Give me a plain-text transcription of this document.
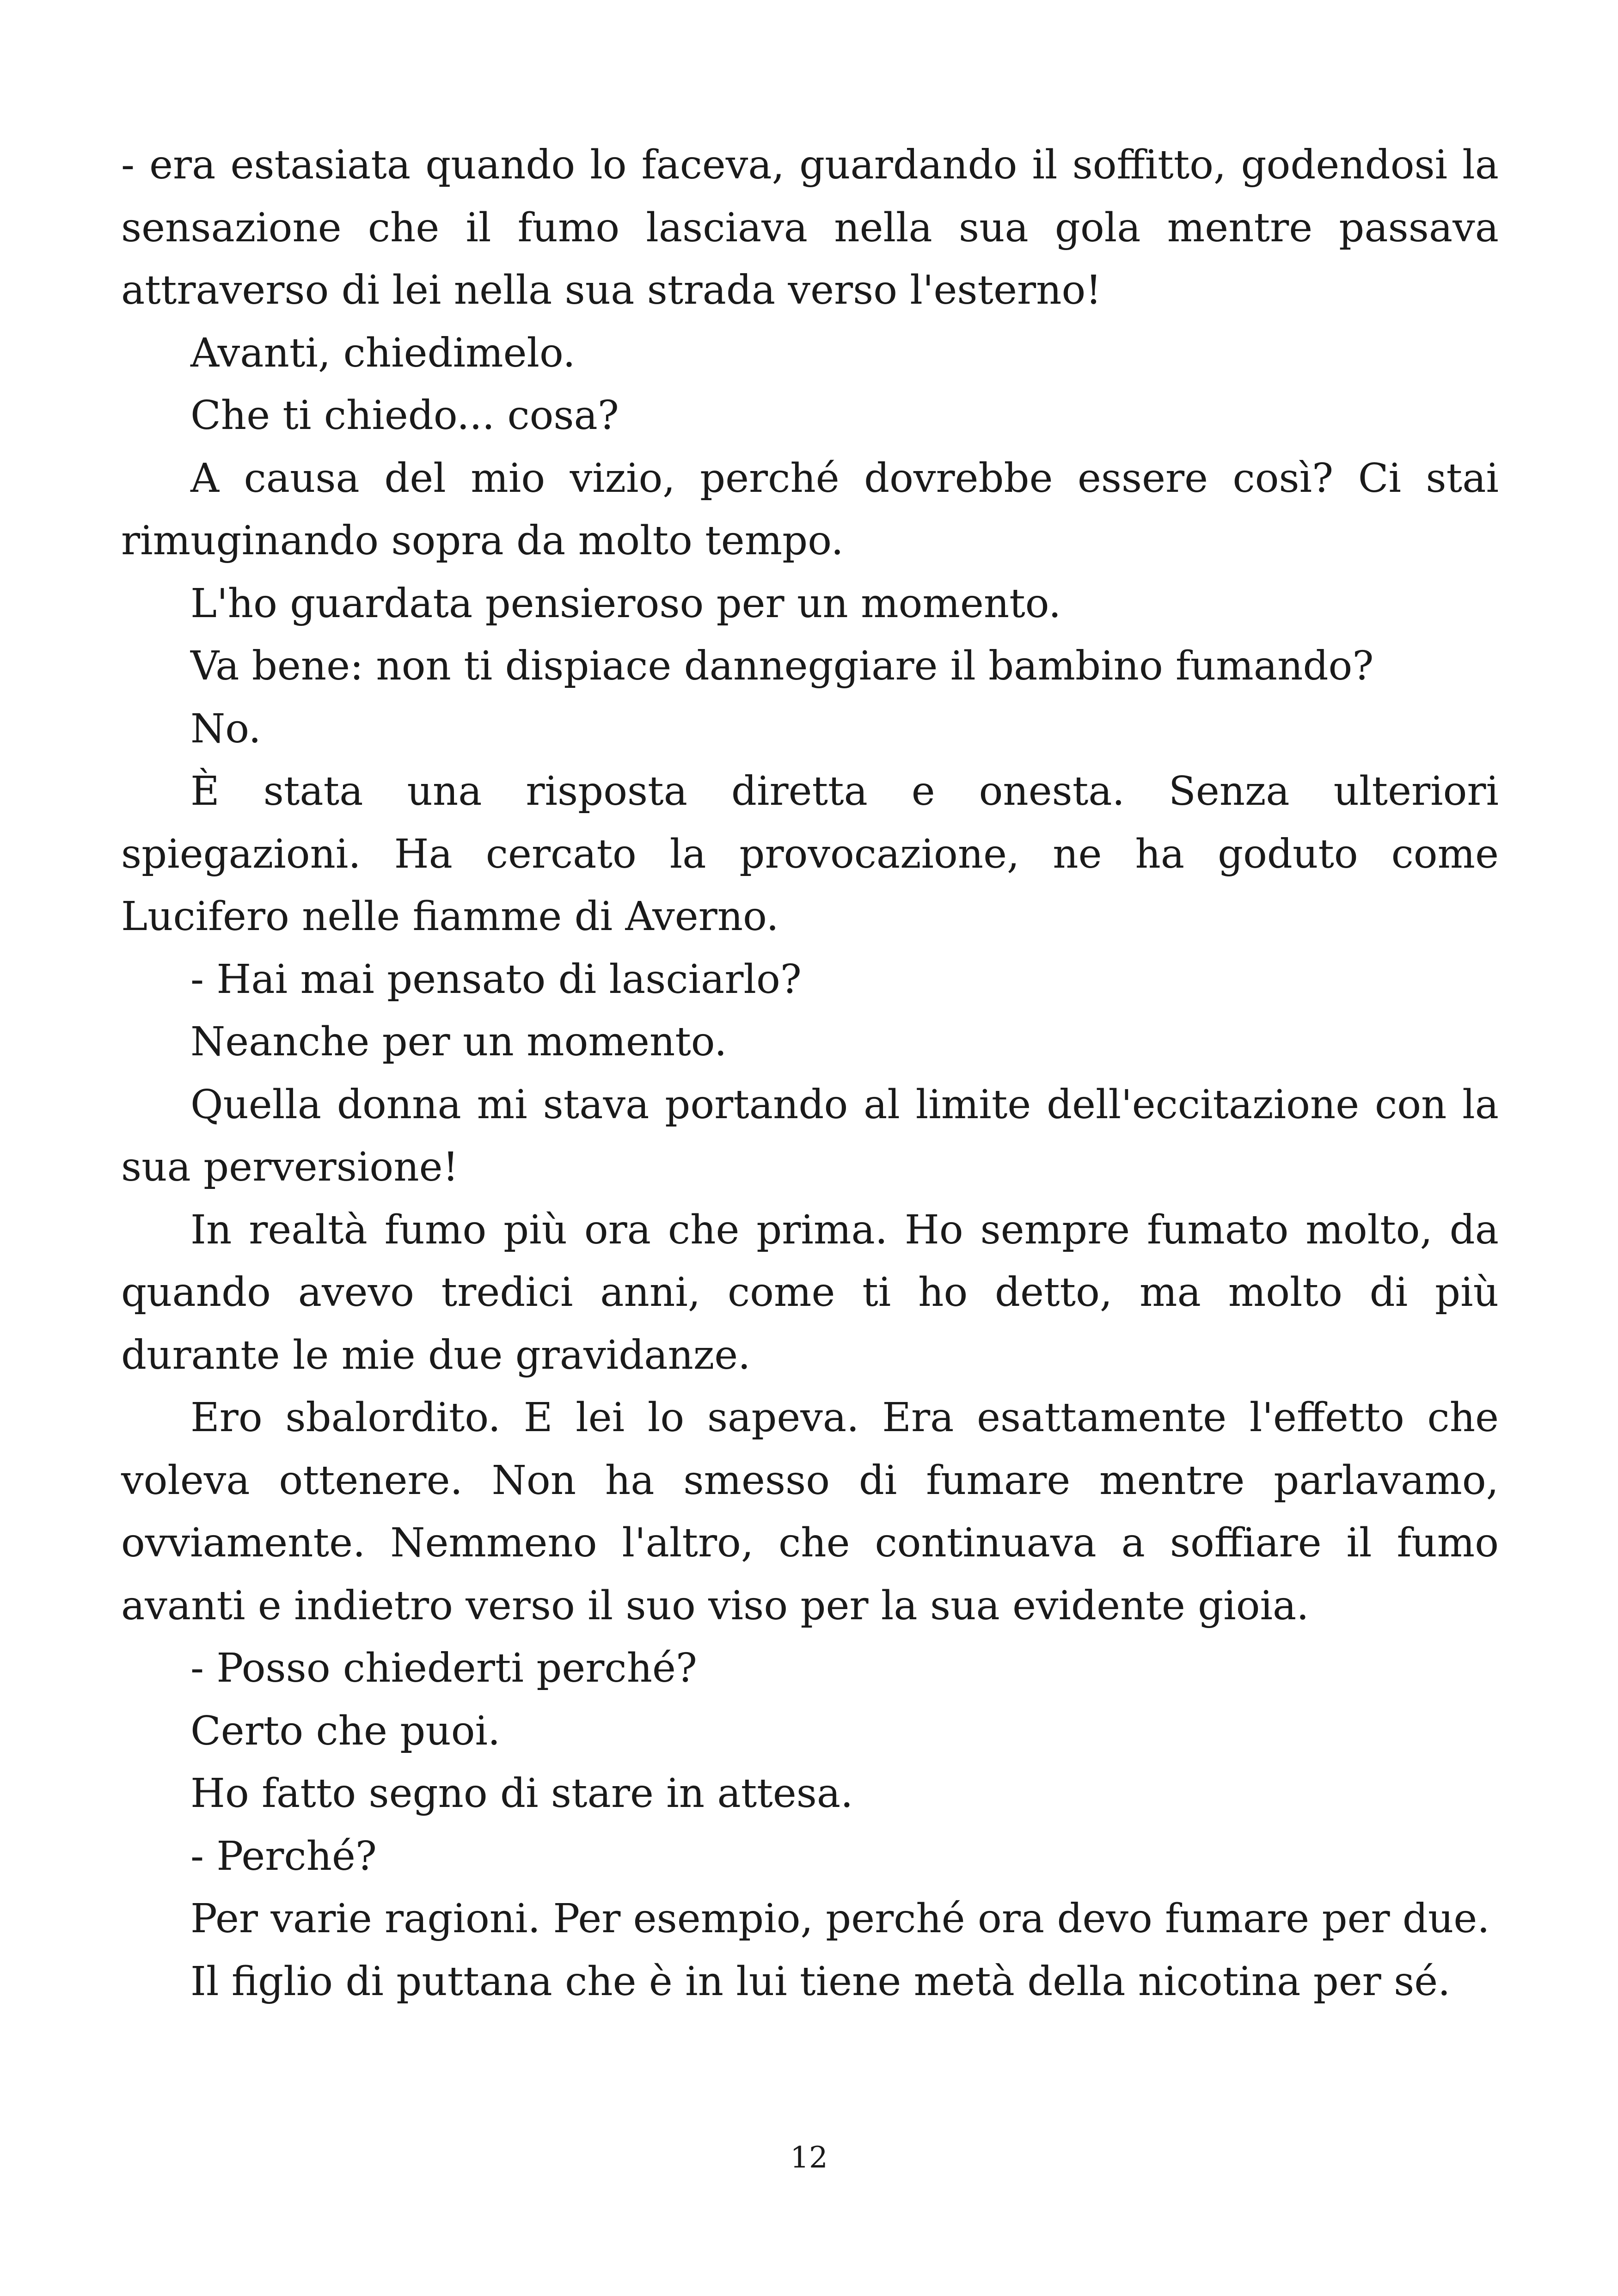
- era estasiata quando lo faceva, guardando il soffitto, godendosi la sensazione che il fumo lasciava nella sua gola mentre passava attraverso di lei nella sua strada verso l'esterno!

Avanti, chiedimelo.

Che ti chiedo... cosa?

A causa del mio vizio, perché dovrebbe essere così? Ci stai rimuginando sopra da molto tempo.

L'ho guardata pensieroso per un momento.

Va bene: non ti dispiace danneggiare il bambino fumando?

No.

È stata una risposta diretta e onesta. Senza ulteriori spiegazioni. Ha cercato la provocazione, ne ha goduto come Lucifero nelle fiamme di Averno.

- Hai mai pensato di lasciarlo?

Neanche per un momento.

Quella donna mi stava portando al limite dell'eccitazione con la sua perversione!

In realtà fumo più ora che prima. Ho sempre fumato molto, da quando avevo tredici anni, come ti ho detto, ma molto di più durante le mie due gravidanze.

Ero sbalordito. E lei lo sapeva. Era esattamente l'effetto che voleva ottenere. Non ha smesso di fumare mentre parlavamo, ovviamente. Nemmeno l'altro, che continuava a soffiare il fumo avanti e indietro verso il suo viso per la sua evidente gioia.

- Posso chiederti perché?

Certo che puoi.

Ho fatto segno di stare in attesa.

- Perché?

Per varie ragioni. Per esempio, perché ora devo fumare per due.

Il figlio di puttana che è in lui tiene metà della nicotina per sé.

12
